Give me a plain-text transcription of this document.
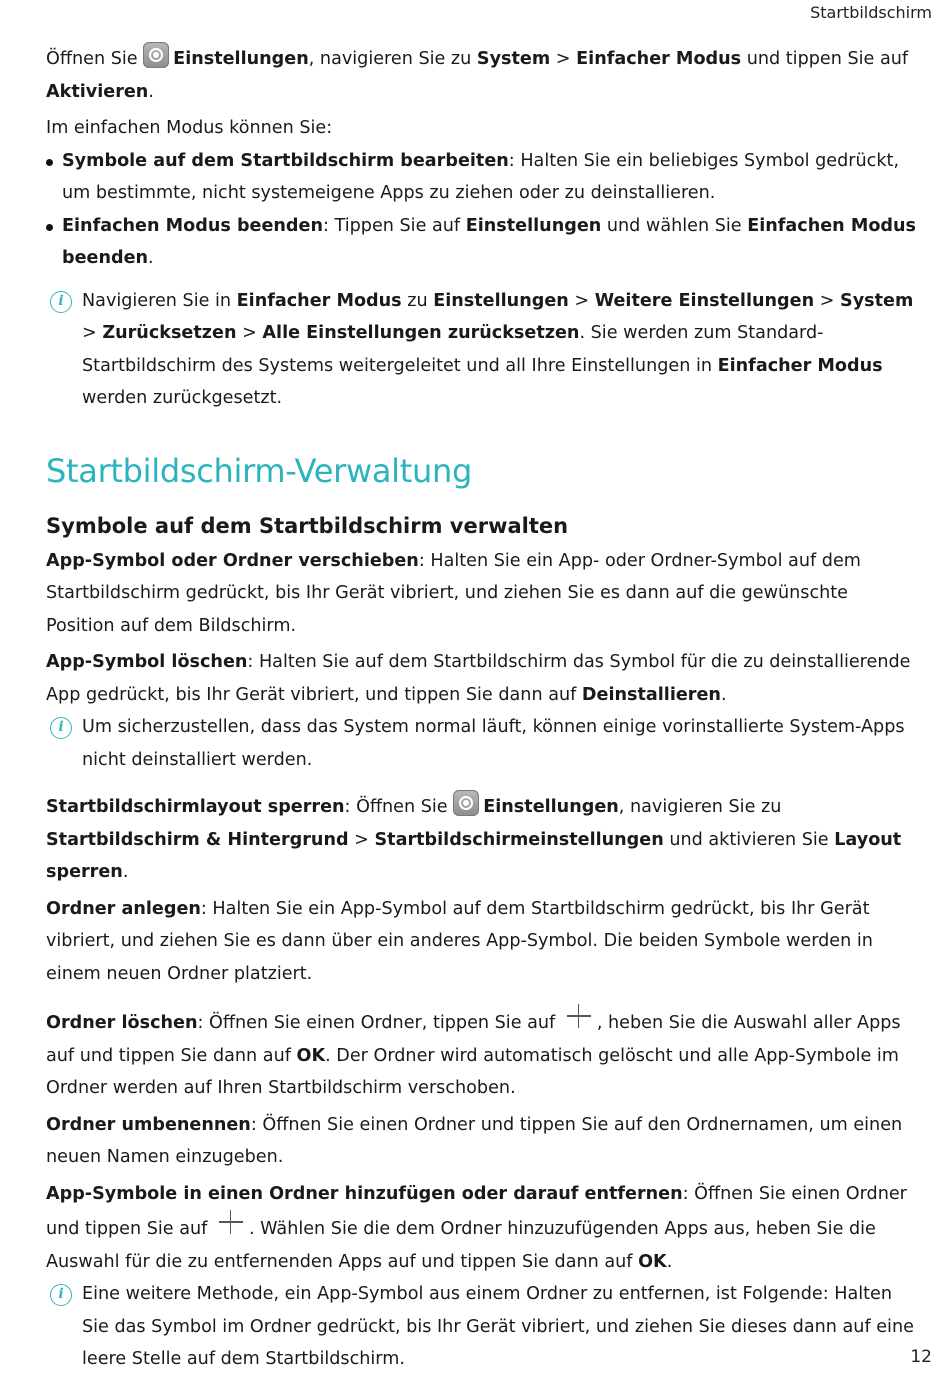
Startbildschirm

Öffnen Sie Einstellungen, navigieren Sie zu System > Einfacher Modus und tippen Sie auf Aktivieren.

Im einfachen Modus können Sie:

Symbole auf dem Startbildschirm bearbeiten: Halten Sie ein beliebiges Symbol gedrückt, um bestimmte, nicht systemeigene Apps zu ziehen oder zu deinstallieren.
Einfachen Modus beenden: Tippen Sie auf Einstellungen und wählen Sie Einfachen Modus beenden.
i	Navigieren Sie in Einfacher Modus zu Einstellungen > Weitere Einstellungen > System > Zurücksetzen > Alle Einstellungen zurücksetzen. Sie werden zum Standard-Startbildschirm des Systems weitergeleitet und all Ihre Einstellungen in Einfacher Modus werden zurückgesetzt.

Startbildschirm-Verwaltung
Symbole auf dem Startbildschirm verwalten

App-Symbol oder Ordner verschieben: Halten Sie ein App- oder Ordner-Symbol auf dem Startbildschirm gedrückt, bis Ihr Gerät vibriert, und ziehen Sie es dann auf die gewünschte Position auf dem Bildschirm.

App-Symbol löschen: Halten Sie auf dem Startbildschirm das Symbol für die zu deinstallierende App gedrückt, bis Ihr Gerät vibriert, und tippen Sie dann auf Deinstallieren.

i	Um sicherzustellen, dass das System normal läuft, können einige vorinstallierte System-Apps nicht deinstalliert werden.

Startbildschirmlayout sperren: Öffnen Sie Einstellungen, navigieren Sie zu Startbildschirm & Hintergrund > Startbildschirmeinstellungen und aktivieren Sie Layout sperren.

Ordner anlegen: Halten Sie ein App-Symbol auf dem Startbildschirm gedrückt, bis Ihr Gerät vibriert, und ziehen Sie es dann über ein anderes App-Symbol. Die beiden Symbole werden in einem neuen Ordner platziert.

Ordner löschen: Öffnen Sie einen Ordner, tippen Sie auf , heben Sie die Auswahl aller Apps auf und tippen Sie dann auf OK. Der Ordner wird automatisch gelöscht und alle App-Symbole im Ordner werden auf Ihren Startbildschirm verschoben.

Ordner umbenennen: Öffnen Sie einen Ordner und tippen Sie auf den Ordnernamen, um einen neuen Namen einzugeben.

App-Symbole in einen Ordner hinzufügen oder darauf entfernen: Öffnen Sie einen Ordner und tippen Sie auf . Wählen Sie die dem Ordner hinzuzufügenden Apps aus, heben Sie die Auswahl für die zu entfernenden Apps auf und tippen Sie dann auf OK.

i	Eine weitere Methode, ein App-Symbol aus einem Ordner zu entfernen, ist Folgende: Halten Sie das Symbol im Ordner gedrückt, bis Ihr Gerät vibriert, und ziehen Sie dieses dann auf eine leere Stelle auf dem Startbildschirm.	12
